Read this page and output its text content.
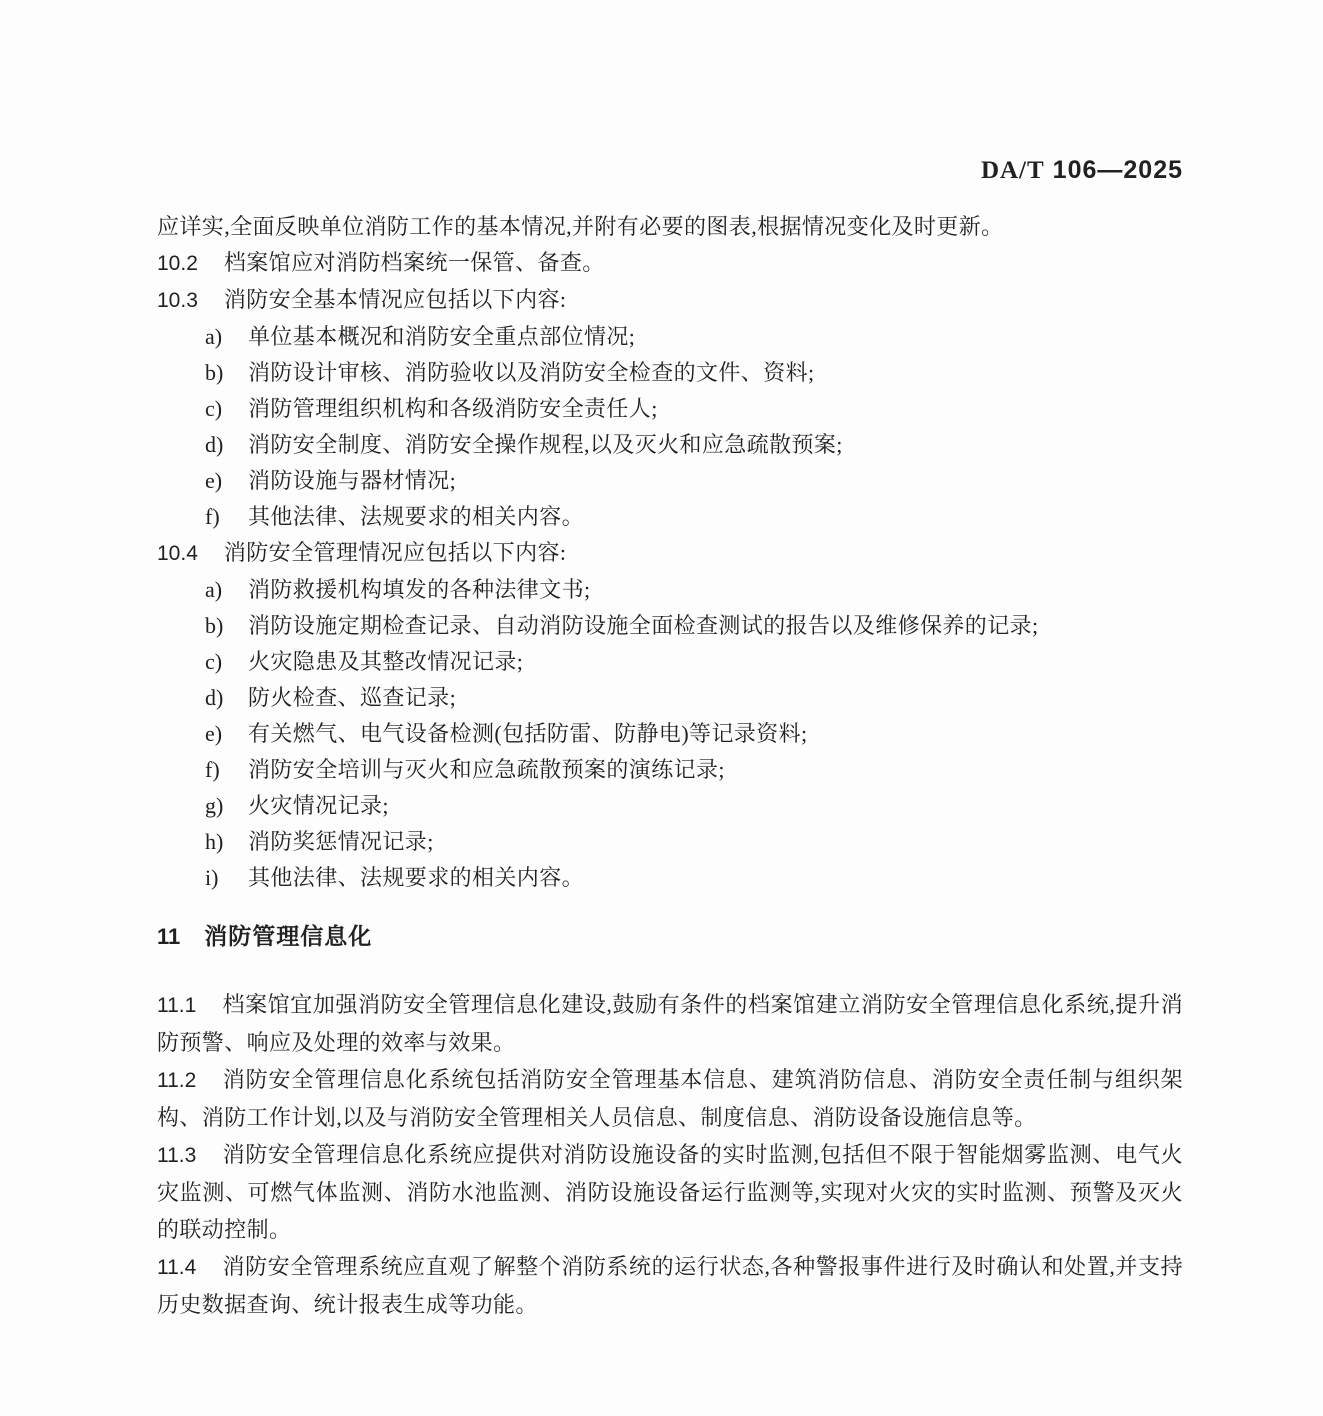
DA/T 106—2025

应详实,全面反映单位消防工作的基本情况,并附有必要的图表,根据情况变化及时更新。

10.2 档案馆应对消防档案统一保管、备查。

10.3 消防安全基本情况应包括以下内容:

a) 单位基本概况和消防安全重点部位情况;

b) 消防设计审核、消防验收以及消防安全检查的文件、资料;

c) 消防管理组织机构和各级消防安全责任人;

d) 消防安全制度、消防安全操作规程,以及灭火和应急疏散预案;

e) 消防设施与器材情况;

f) 其他法律、法规要求的相关内容。

10.4 消防安全管理情况应包括以下内容:

a) 消防救援机构填发的各种法律文书;

b) 消防设施定期检查记录、自动消防设施全面检查测试的报告以及维修保养的记录;

c) 火灾隐患及其整改情况记录;

d) 防火检查、巡查记录;

e) 有关燃气、电气设备检测(包括防雷、防静电)等记录资料;

f) 消防安全培训与灭火和应急疏散预案的演练记录;

g) 火灾情况记录;

h) 消防奖惩情况记录;

i) 其他法律、法规要求的相关内容。

11 消防管理信息化

11.1 档案馆宜加强消防安全管理信息化建设,鼓励有条件的档案馆建立消防安全管理信息化系统,提升消防预警、响应及处理的效率与效果。

11.2 消防安全管理信息化系统包括消防安全管理基本信息、建筑消防信息、消防安全责任制与组织架构、消防工作计划,以及与消防安全管理相关人员信息、制度信息、消防设备设施信息等。

11.3 消防安全管理信息化系统应提供对消防设施设备的实时监测,包括但不限于智能烟雾监测、电气火灾监测、可燃气体监测、消防水池监测、消防设施设备运行监测等,实现对火灾的实时监测、预警及灭火的联动控制。

11.4 消防安全管理系统应直观了解整个消防系统的运行状态,各种警报事件进行及时确认和处置,并支持历史数据查询、统计报表生成等功能。
